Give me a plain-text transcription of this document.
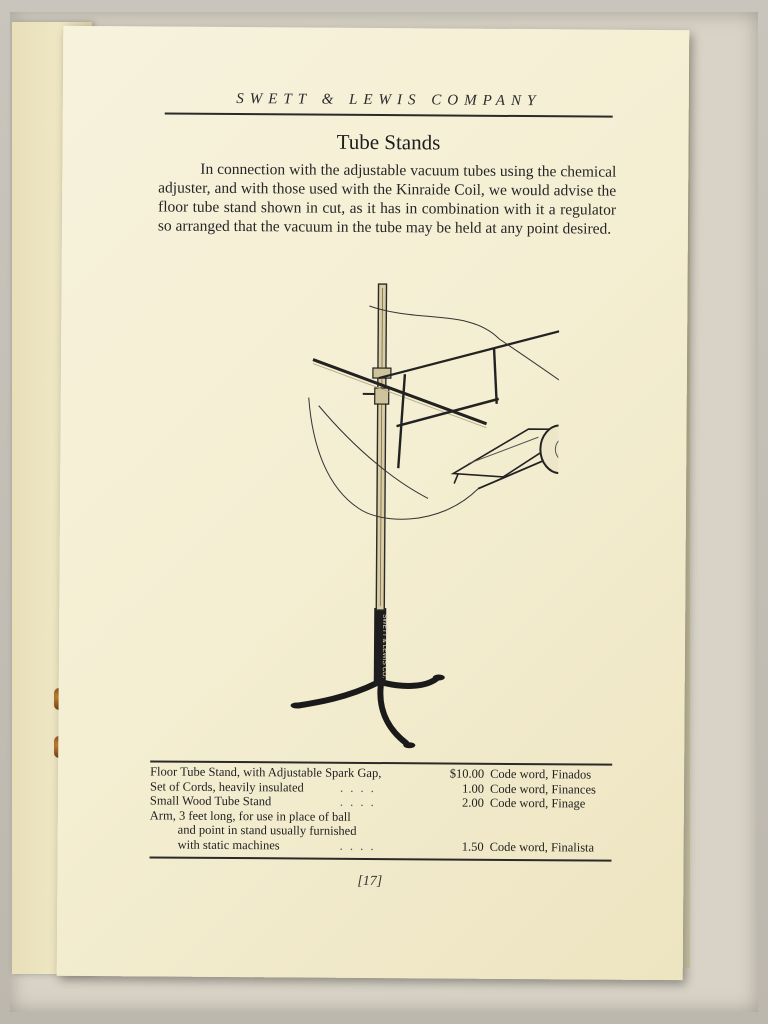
SWETT & LEWIS COMPANY
Tube Stands
In connection with the adjustable vacuum tubes using the chemical adjuster, and with those used with the Kinraide Coil, we would advise the floor tube stand shown in cut, as it has in combination with it a regulator so arranged that the vacuum in the tube may be held at any point desired.
SWETT & LEWIS CO.
Floor Tube Stand, with Adjustable Spark Gap,	$10.00 Code word, Finados
Set of Cords, heavily insulated	. . . .	1.00 Code word, Finances
Small Wood Tube Stand	. . . .	2.00 Code word, Finage
Arm, 3 feet long, for use in place of ball
and point in stand usually furnished
with static machines	. . . .	1.50 Code word, Finalista
[17]
